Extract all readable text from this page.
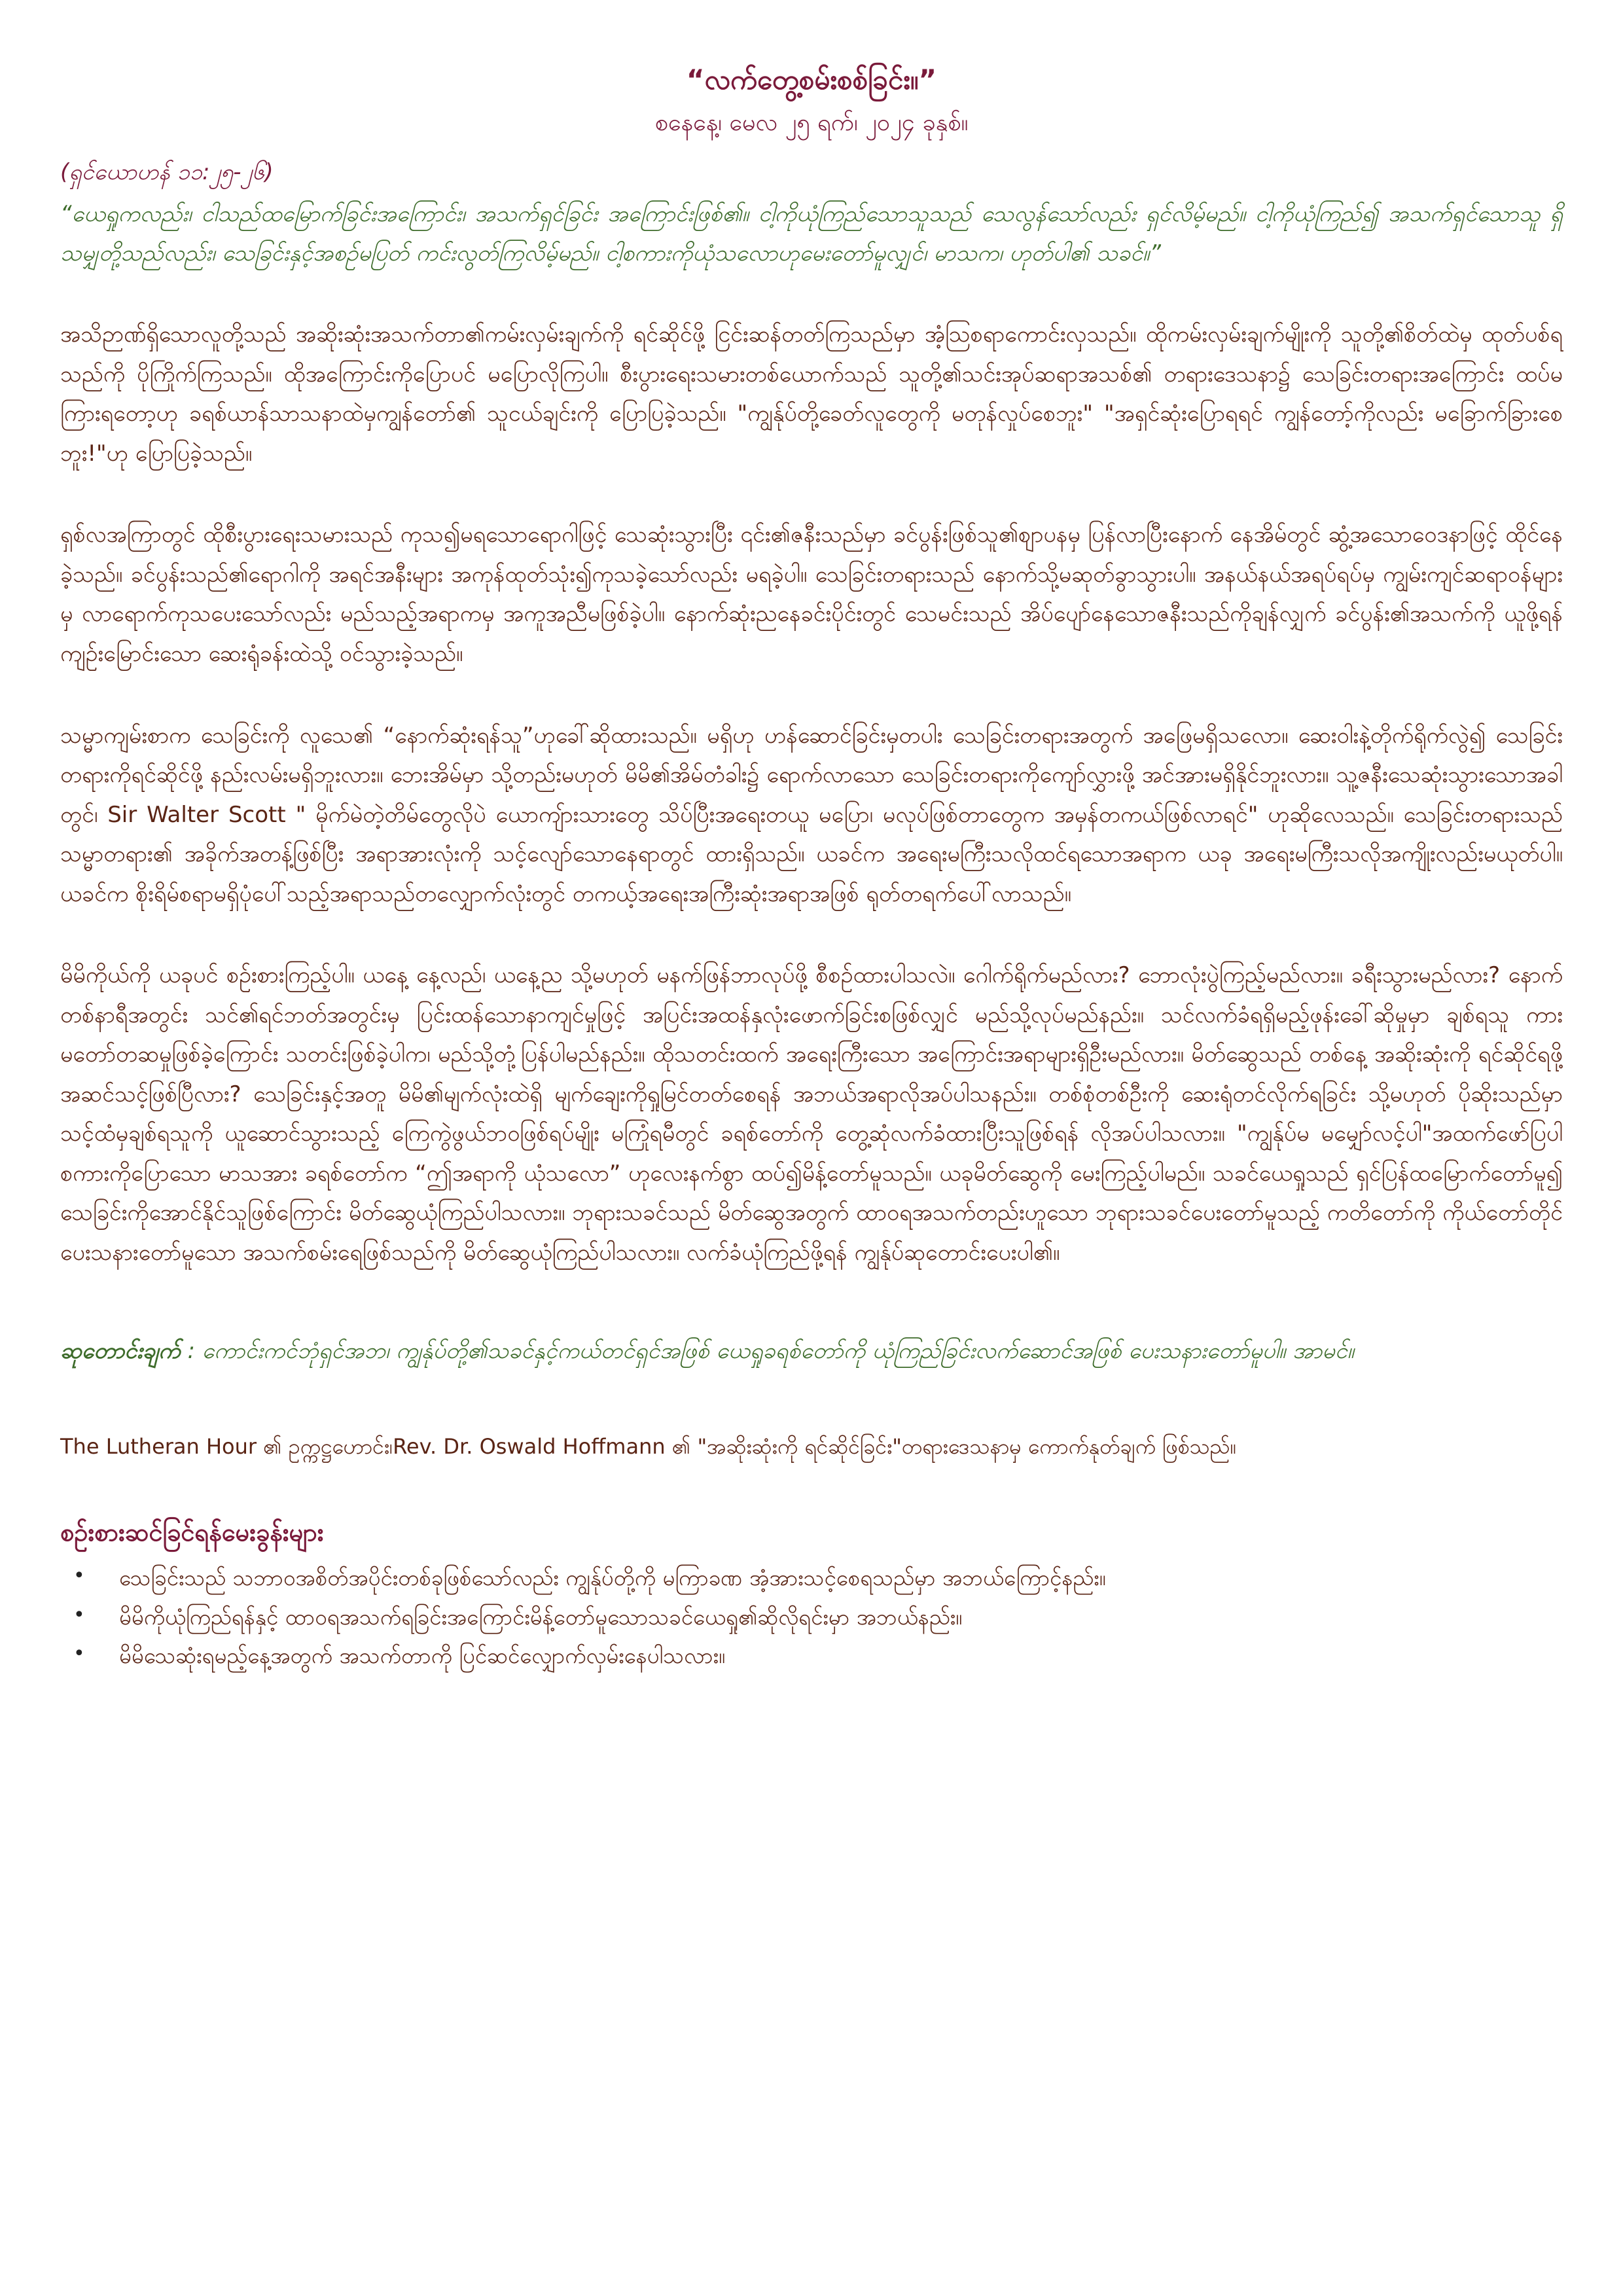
“လက်တွေ့စမ်းစစ်ခြင်း။”
စနေနေ့၊ မေလ ၂၅ ရက်၊ ၂၀၂၄ ခုနှစ်။
(ရှင်ယောဟန် ၁၁:၂၅-၂၆)
“ယေရှုကလည်း၊ ငါသည်ထမြောက်ခြင်းအကြောင်း၊ အသက်ရှင်ခြင်း အကြောင်းဖြစ်၏။ ငါ့ကိုယုံကြည်သောသူသည် သေလွန်သော်လည်း ရှင်လိမ့်မည်။ ငါ့ကိုယုံကြည်၍ အသက်ရှင်သောသူ ရှိသမျှတို့သည်လည်း၊ သေခြင်းနှင့်အစဉ်မပြတ် ကင်းလွတ်ကြလိမ့်မည်။ ငါ့စကားကိုယုံသလောဟုမေးတော်မူလျှင်၊ မာသက၊ ဟုတ်ပါ၏ သခင်။”

အသိဉာဏ်ရှိသောလူတို့သည် အဆိုးဆုံးအသက်တာ၏ကမ်းလှမ်းချက်ကို ရင်ဆိုင်ဖို့ ငြင်းဆန်တတ်ကြသည်မှာ အံ့သြစရာကောင်းလှသည်။ ထိုကမ်းလှမ်းချက်မျိုးကို သူတို့၏စိတ်ထဲမှ ထုတ်ပစ်ရသည်ကို ပိုကြိုက်ကြသည်။ ထိုအကြောင်းကိုပြောပင် မပြောလိုကြပါ။ စီးပွားရေးသမားတစ်ယောက်သည် သူတို့၏သင်းအုပ်ဆရာအသစ်၏ တရားဒေသနာ၌ သေခြင်းတရားအကြောင်း ထပ်မကြားရတော့ဟု ခရစ်ယာန်သာသနာထဲမှကျွန်တော်၏ သူငယ်ချင်းကို ပြောပြခဲ့သည်။ "ကျွန်ုပ်တို့ခေတ်လူတွေကို မတုန်လှုပ်စေဘူး" "အရှင်ဆုံးပြောရရင် ကျွန်တော့်ကိုလည်း မခြောက်ခြားစေဘူး!"ဟု ပြောပြခဲ့သည်။

ရှစ်လအကြာတွင် ထိုစီးပွားရေးသမားသည် ကုသ၍မရသောရောဂါဖြင့် သေဆုံးသွားပြီး ၎င်း၏ဇနီးသည်မှာ ခင်ပွန်းဖြစ်သူ၏စျာပနမှ ပြန်လာပြီးနောက် နေအိမ်တွင် ဆွံ့အသောဝေဒနာဖြင့် ထိုင်နေခဲ့သည်။ ခင်ပွန်းသည်၏ရောဂါကို အရင်အနီးများ အကုန်ထုတ်သုံး၍ကုသခဲ့သော်လည်း မရခဲ့ပါ။ သေခြင်းတရားသည် နောက်သို့မဆုတ်ခွာသွားပါ။ အနယ်နယ်အရပ်ရပ်မှ ကျွမ်းကျင်ဆရာဝန်များမှ လာရောက်ကုသပေးသော်လည်း မည်သည့်အရာကမှ အကူအညီမဖြစ်ခဲ့ပါ။ နောက်ဆုံးညနေခင်းပိုင်းတွင် သေမင်းသည် အိပ်ပျော်နေသောဇနီးသည်ကိုချန်လျှက် ခင်ပွန်း၏အသက်ကို ယူဖို့ရန်ကျဉ်းမြောင်းသော ဆေးရုံခန်းထဲသို့ ဝင်သွားခဲ့သည်။

သမ္မာကျမ်းစာက သေခြင်းကို လူသေ၏ “နောက်ဆုံးရန်သူ”ဟုခေါ်ဆိုထားသည်။ မရှိဟု ဟန်ဆောင်ခြင်းမှတပါး သေခြင်းတရားအတွက် အဖြေမရှိသလော။ ဆေးဝါးနဲ့တိုက်ရိုက်လွဲ၍ သေခြင်းတရားကိုရင်ဆိုင်ဖို့ နည်းလမ်းမရှိဘူးလား။ ဘေးအိမ်မှာ သို့တည်းမဟုတ် မိမိ၏အိမ်တံခါး၌ ရောက်လာသော သေခြင်းတရားကိုကျော်လွှားဖို့ အင်အားမရှိနိုင်ဘူးလား။ သူ့ဇနီးသေဆုံးသွားသောအခါတွင်၊ Sir Walter Scott " မိုက်မဲတဲ့တိမ်တွေလိုပဲ ယောကျ်ားသားတွေ သိပ်ပြီးအရေးတယူ မပြော၊ မလုပ်ဖြစ်တာတွေက အမှန်တကယ်ဖြစ်လာရင်" ဟုဆိုလေသည်။ သေခြင်းတရားသည်သမ္မာတရား၏ အခိုက်အတန့်ဖြစ်ပြီး အရာအားလုံးကို သင့်လျော်သောနေရာတွင် ထားရှိသည်။ ယခင်က အရေးမကြီးသလိုထင်ရသောအရာက ယခု အရေးမကြီးသလိုအကျိုးလည်းမယုတ်ပါ။ ယခင်က စိုးရိမ်စရာမရှိပုံပေါ်သည့်အရာသည်တလျှောက်လုံးတွင် တကယ့်အရေးအကြီးဆုံးအရာအဖြစ် ရုတ်တရက်ပေါ်လာသည်။

မိမိကိုယ်ကို ယခုပင် စဉ်းစားကြည့်ပါ။ ယနေ့ နေ့လည်၊ ယနေ့ည သို့မဟုတ် မနက်ဖြန်ဘာလုပ်ဖို့ စီစဉ်ထားပါသလဲ။ ဂေါက်ရိုက်မည်လား? ဘောလုံးပွဲကြည့်မည်လား။ ခရီးသွားမည်လား? နောက်တစ်နာရီအတွင်း သင်၏ရင်ဘတ်အတွင်းမှ ပြင်းထန်သောနာကျင်မှုဖြင့် အပြင်းအထန်နှလုံးဖောက်ခြင်းစဖြစ်လျှင် မည်သို့လုပ်မည်နည်း။ သင်လက်ခံရရှိမည့်ဖုန်းခေါ်ဆိုမှုမှာ ချစ်ရသူ ကားမတော်တဆမှုဖြစ်ခဲ့ကြောင်း သတင်းဖြစ်ခဲ့ပါက၊ မည်သို့တုံ့ပြန်ပါမည်နည်း။ ထိုသတင်းထက် အရေးကြီးသော အကြောင်းအရာများရှိဦးမည်လား။ မိတ်ဆွေသည် တစ်နေ့ အဆိုးဆုံးကို ရင်ဆိုင်ရဖို့ အဆင်သင့်ဖြစ်ပြီလား? သေခြင်းနှင့်အတူ မိမိ၏မျက်လုံးထဲရှိ မျက်ချေးကိုရှုမြင်တတ်စေရန် အဘယ်အရာလိုအပ်ပါသနည်း။ တစ်စုံတစ်ဦးကို ဆေးရုံတင်လိုက်ရခြင်း သို့မဟုတ် ပိုဆိုးသည်မှာ သင့်ထံမှချစ်ရသူကို ယူဆောင်သွားသည့် ကြေကွဲဖွယ်ဘဝဖြစ်ရပ်မျိုး မကြုံရမီတွင် ခရစ်တော်ကို တွေ့ဆုံလက်ခံထားပြီးသူဖြစ်ရန် လိုအပ်ပါသလား။ "ကျွန်ုပ်မ မမျှော်လင့်ပါ"အထက်ဖော်ပြပါစကားကိုပြောသော မာသအား ခရစ်တော်က “ဤအရာကို ယုံသလော” ဟုလေးနက်စွာ ထပ်၍မိန့်တော်မူသည်။ ယခုမိတ်ဆွေကို မေးကြည့်ပါမည်။ သခင်ယေရှုသည် ရှင်ပြန်ထမြောက်တော်မူ၍ သေခြင်းကိုအောင်နိုင်သူဖြစ်ကြောင်း မိတ်ဆွေယုံကြည်ပါသလား။ ဘုရားသခင်သည် မိတ်ဆွေအတွက် ထာဝရအသက်တည်းဟူသော ဘုရားသခင်ပေးတော်မူသည့် ကတိတော်ကို ကိုယ်တော်တိုင်ပေးသနားတော်မူသော အသက်စမ်းရေဖြစ်သည်ကို မိတ်ဆွေယုံကြည်ပါသလား။ လက်ခံယုံကြည်ဖို့ရန် ကျွန်ုပ်ဆုတောင်းပေးပါ၏။

ဆုတောင်းချက် : ကောင်းကင်ဘုံရှင်အဘ၊ ကျွန်ုပ်တို့၏သခင်နှင့်ကယ်တင်ရှင်အဖြစ် ယေရှုခရစ်တော်ကို ယုံကြည်ခြင်းလက်ဆောင်အဖြစ် ပေးသနားတော်မူပါ။ အာမင်။

The Lutheran Hour ၏ ဥက္ကဋ္ဌဟောင်း၊Rev. Dr. Oswald Hoffmann ၏ "အဆိုးဆုံးကို ရင်ဆိုင်ခြင်း"တရားဒေသနာမှ ကောက်နုတ်ချက် ဖြစ်သည်။

စဉ်းစားဆင်ခြင်ရန်မေးခွန်းများ
• သေခြင်းသည် သဘာဝအစိတ်အပိုင်းတစ်ခုဖြစ်သော်လည်း ကျွန်ုပ်တို့ကို မကြာခဏ အံ့အားသင့်စေရသည်မှာ အဘယ်ကြောင့်နည်း။
• မိမိကိုယုံကြည်ရန်နှင့် ထာဝရအသက်ရခြင်းအကြောင်းမိန့်တော်မူသောသခင်ယေရှု၏ဆိုလိုရင်းမှာ အဘယ်နည်း။
• မိမိသေဆုံးရမည့်နေ့အတွက် အသက်တာကို ပြင်ဆင်လျှောက်လှမ်းနေပါသလား။
